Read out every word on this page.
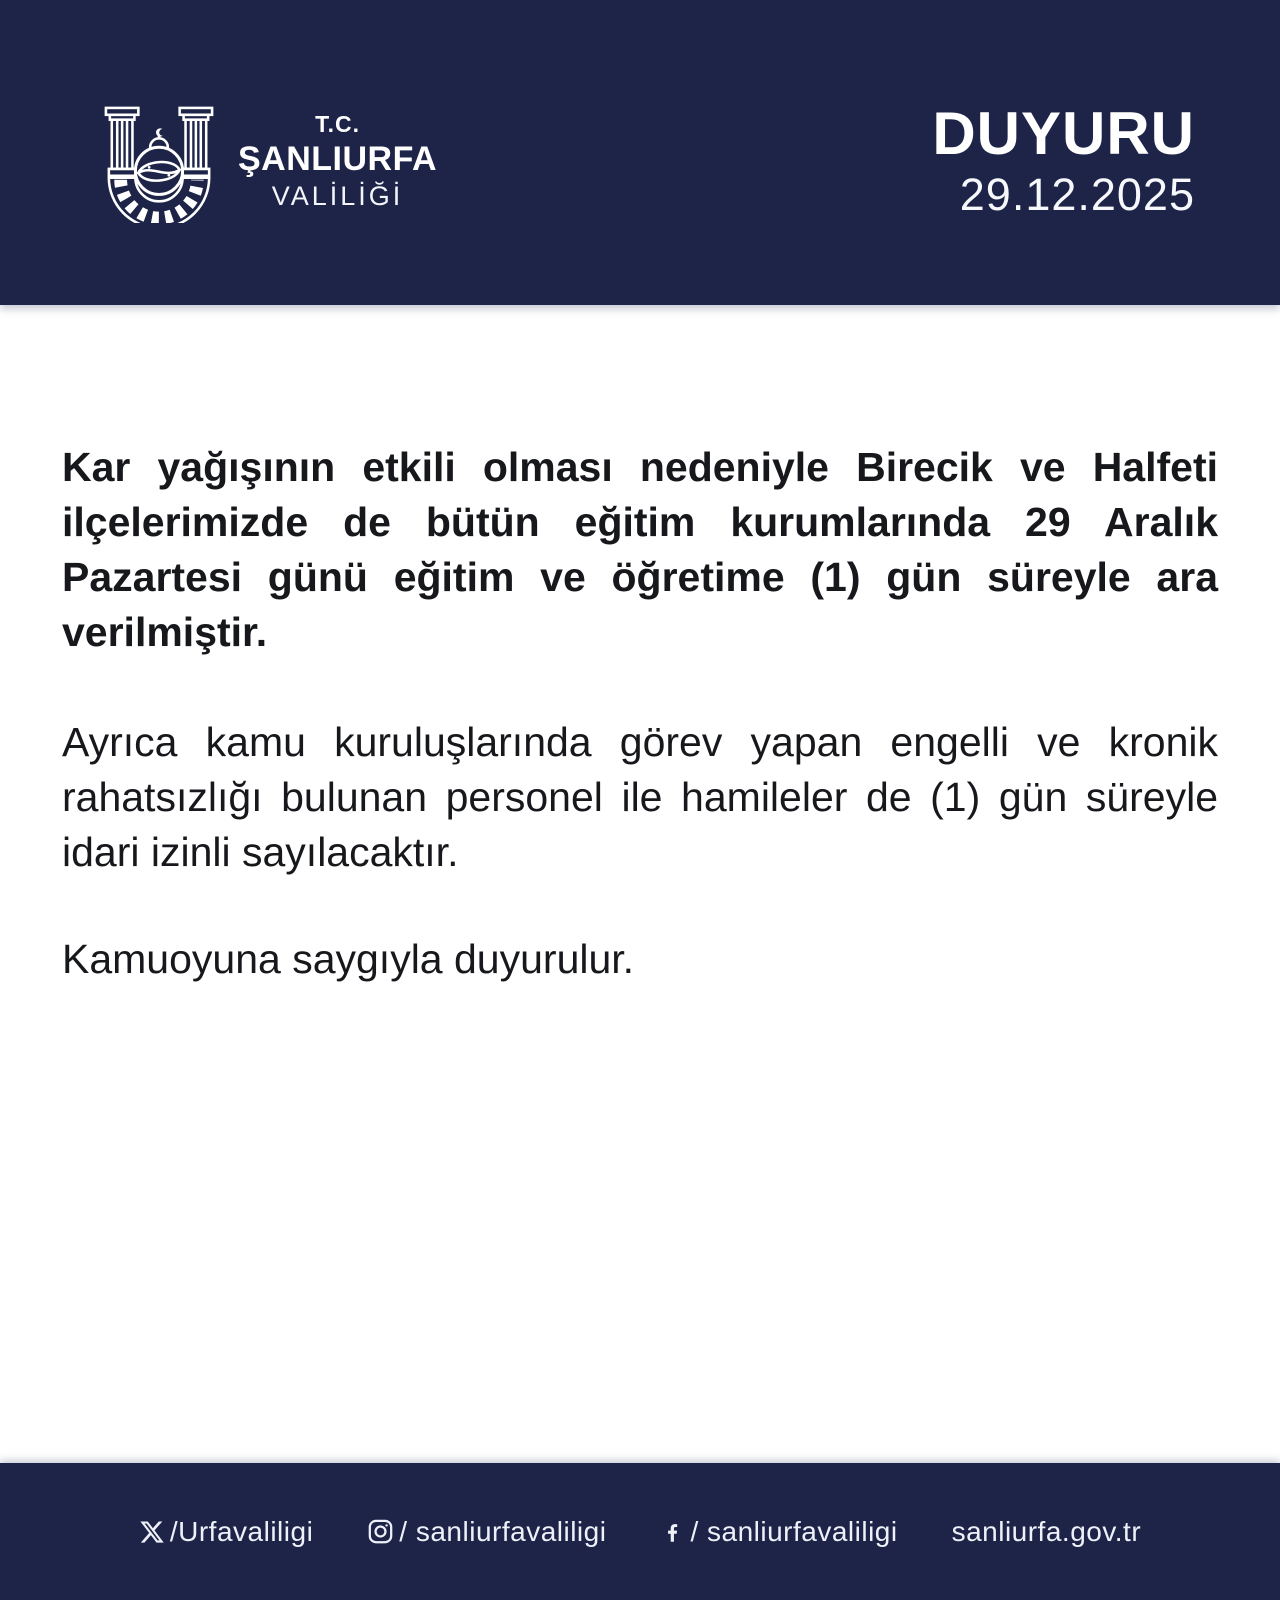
T.C.
ŞANLIURFA
VALİLİĞİ
DUYURU
29.12.2025

Kar yağışının etkili olması nedeniyle Birecik ve Halfeti ilçelerimizde de bütün eğitim kurumlarında 29 Aralık Pazartesi günü eğitim ve öğretime (1) gün süreyle ara verilmiştir.

Ayrıca kamu kuruluşlarında görev yapan engelli ve kronik rahatsızlığı bulunan personel ile hamileler de (1) gün süreyle idari izinli sayılacaktır.

Kamuoyuna saygıyla duyurulur.

/Urfavaliligi	/ sanliurfavaliligi	/ sanliurfavaliligi sanliurfa.gov.tr
